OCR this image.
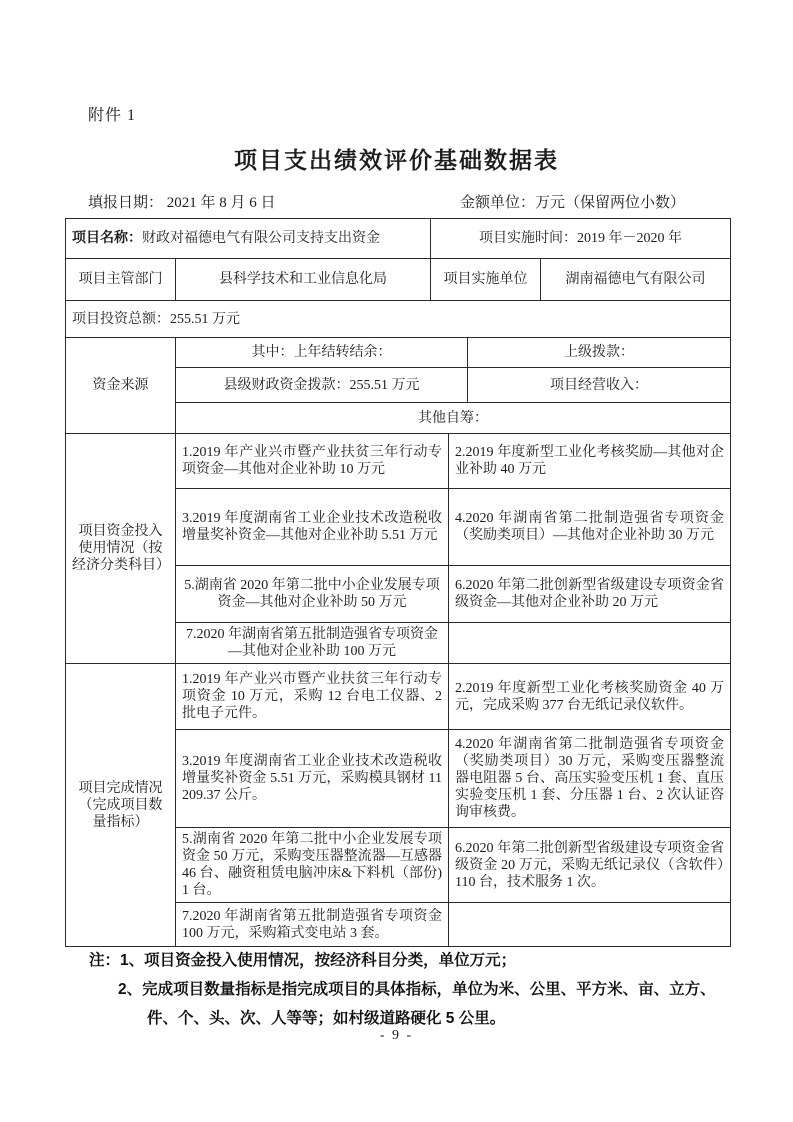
附件 1
项目支出绩效评价基础数据表
填报日期： 2021 年 8 月 6 日	金额单位：万元（保留两位小数）
项目名称：财政对福德电气有限公司支持支出资金		项目实施时间：2019 年－2020 年			
项目主管部门	县科学技术和工业信息化局	项目实施单位			湖南福德电气有限公司
项目投资总额：255.51 万元					
资金来源	其中：上年结转结余：			上级拨款：	
	县级财政资金拨款：255.51 万元			项目经营收入：	
	其他自筹：				
项目资金投入使用情况（按经济分类科目）	1.2019 年产业兴市暨产业扶贫三年行动专项资金—其他对企业补助 10 万元		2.2019 年度新型工业化考核奖励—其他对企业补助 40 万元		
	3.2019 年度湖南省工业企业技术改造税收增量奖补资金—其他对企业补助 5.51 万元		4.2020 年湖南省第二批制造强省专项资金（奖励类项目）—其他对企业补助 30 万元		
	5.湖南省 2020 年第二批中小企业发展专项资金—其他对企业补助 50 万元		6.2020 年第二批创新型省级建设专项资金省级资金—其他对企业补助 20 万元		
	7.2020 年湖南省第五批制造强省专项资金—其他对企业补助 100 万元				
项目完成情况（完成项目数量指标）	1.2019 年产业兴市暨产业扶贫三年行动专项资金 10 万元，采购 12 台电工仪器、2 批电子元件。		2.2019 年度新型工业化考核奖励资金 40 万元，完成采购 377 台无纸记录仪软件。		
	3.2019 年度湖南省工业企业技术改造税收增量奖补资金 5.51 万元，采购模具钢材 11209.37 公斤。		4.2020 年湖南省第二批制造强省专项资金（奖励类项目）30 万元，采购变压器整流器电阻器 5 台、高压实验变压机 1 套、直压实验变压机 1 套、分压器 1 台、2 次认证咨询审核费。		
	5.湖南省 2020 年第二批中小企业发展专项资金 50 万元，采购变压器整流器—互感器 46 台、融资租赁电脑冲床&下料机（部份)1 台。		6.2020 年第二批创新型省级建设专项资金省级资金 20 万元，采购无纸记录仪（含软件）110 台，技术服务 1 次。		
	7.2020 年湖南省第五批制造强省专项资金 100 万元，采购箱式变电站 3 套。				
注：1、项目资金投入使用情况，按经济科目分类，单位万元；
2、完成项目数量指标是指完成项目的具体指标，单位为米、公里、平方米、亩、立方、件、个、头、次、人等等；如村级道路硬化 5 公里。
- 9 -
